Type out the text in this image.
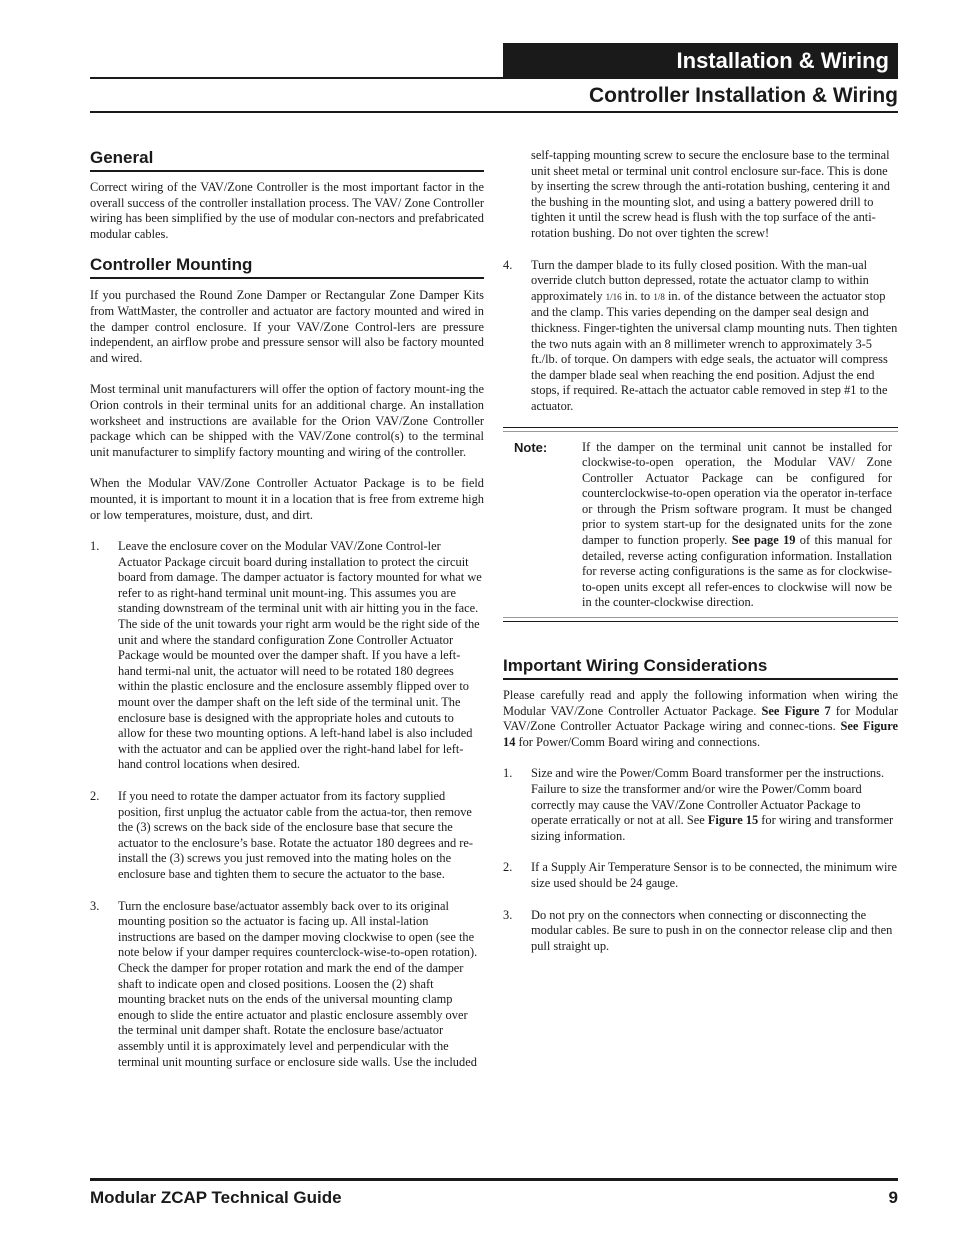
Installation & Wiring
Controller Installation & Wiring
General

Correct wiring of the VAV/Zone Controller is the most important factor in the overall success of the controller installation process. The VAV/ Zone Controller wiring has been simplified by the use of modular con-nectors and prefabricated modular cables.

Controller Mounting

If you purchased the Round Zone Damper or Rectangular Zone Damper Kits from WattMaster, the controller and actuator are factory mounted and wired in the damper control enclosure. If your VAV/Zone Control-lers are pressure independent, an airflow probe and pressure sensor will also be factory mounted and wired.

Most terminal unit manufacturers will offer the option of factory mount-ing the Orion controls in their terminal units for an additional charge. An installation worksheet and instructions are available for the Orion VAV/Zone Controller package which can be shipped with the VAV/Zone control(s) to the terminal unit manufacturer to simplify factory mounting and wiring of the controller.

When the Modular VAV/Zone Controller Actuator Package is to be field mounted, it is important to mount it in a location that is free from extreme high or low temperatures, moisture, dust, and dirt.

1. Leave the enclosure cover on the Modular VAV/Zone Control-ler Actuator Package circuit board during installation to protect the circuit board from damage. The damper actuator is factory mounted for what we refer to as right-hand terminal unit mount-ing. This assumes you are standing downstream of the terminal unit with air hitting you in the face. The side of the unit towards your right arm would be the right side of the unit and where the standard configuration Zone Controller Actuator Package would be mounted over the damper shaft. If you have a left-hand termi-nal unit, the actuator will need to be rotated 180 degrees within the plastic enclosure and the enclosure assembly flipped over to mount over the damper shaft on the left side of the terminal unit. The enclosure base is designed with the appropriate holes and cutouts to allow for these two mounting options. A left-hand label is also included with the actuator and can be applied over the right-hand label for left-hand control locations when desired.
2. If you need to rotate the damper actuator from its factory supplied position, first unplug the actuator cable from the actua-tor, then remove the (3) screws on the back side of the enclosure base that secure the actuator to the enclosure’s base. Rotate the actuator 180 degrees and re-install the (3) screws you just removed into the mating holes on the enclosure base and tighten them to secure the actuator to the base.
3. Turn the enclosure base/actuator assembly back over to its original mounting position so the actuator is facing up. All instal-lation instructions are based on the damper moving clockwise to open (see the note below if your damper requires counterclock-wise-to-open rotation). Check the damper for proper rotation and mark the end of the damper shaft to indicate open and closed positions. Loosen the (2) shaft mounting bracket nuts on the ends of the universal mounting clamp enough to slide the entire actuator and plastic enclosure assembly over the terminal unit damper shaft. Rotate the enclosure base/actuator assembly until it is approximately level and perpendicular with the terminal unit mounting surface or enclosure side walls. Use the included
self-tapping mounting screw to secure the enclosure base to the terminal unit sheet metal or terminal unit control enclosure sur-face. This is done by inserting the screw through the anti-rotation bushing, centering it and the bushing in the mounting slot, and using a battery powered drill to tighten it until the screw head is flush with the top surface of the anti-rotation bushing. Do not over tighten the screw!
4. Turn the damper blade to its fully closed position. With the man-ual override clutch button depressed, rotate the actuator clamp to within approximately 1/16 in. to 1/8 in. of the distance between the actuator stop and the clamp. This varies depending on the damper seal design and thickness. Finger-tighten the universal clamp mounting nuts. Then tighten the two nuts again with an 8 millimeter wrench to approximately 3-5 ft./lb. of torque. On dampers with edge seals, the actuator will compress the damper blade seal when reaching the end position. Adjust the end stops, if required. Re-attach the actuator cable removed in step #1 to the actuator.
Note:	If the damper on the terminal unit cannot be installed for clockwise-to-open operation, the Modular VAV/ Zone Controller Actuator Package can be configured for counterclockwise-to-open operation via the operator in-terface or through the Prism software program. It must be changed prior to system start-up for the designated units for the zone damper to function properly. See page 19 of this manual for detailed, reverse acting configuration information. Installation for reverse acting configurations is the same as for clockwise-to-open units except all refer-ences to clockwise will now be in the counter-clockwise direction.
Important Wiring Considerations

Please carefully read and apply the following information when wiring the Modular VAV/Zone Controller Actuator Package. See Figure 7 for Modular VAV/Zone Controller Actuator Package wiring and connec-tions. See Figure 14 for Power/Comm Board wiring and connections.

1. Size and wire the Power/Comm Board transformer per the instructions. Failure to size the transformer and/or wire the Power/Comm board correctly may cause the VAV/Zone Controller Actuator Package to operate erratically or not at all. See Figure 15 for wiring and transformer sizing information.
2. If a Supply Air Temperature Sensor is to be connected, the minimum wire size used should be 24 gauge.
3. Do not pry on the connectors when connecting or disconnecting the modular cables. Be sure to push in on the connector release clip and then pull straight up.
Modular ZCAP Technical Guide	9
